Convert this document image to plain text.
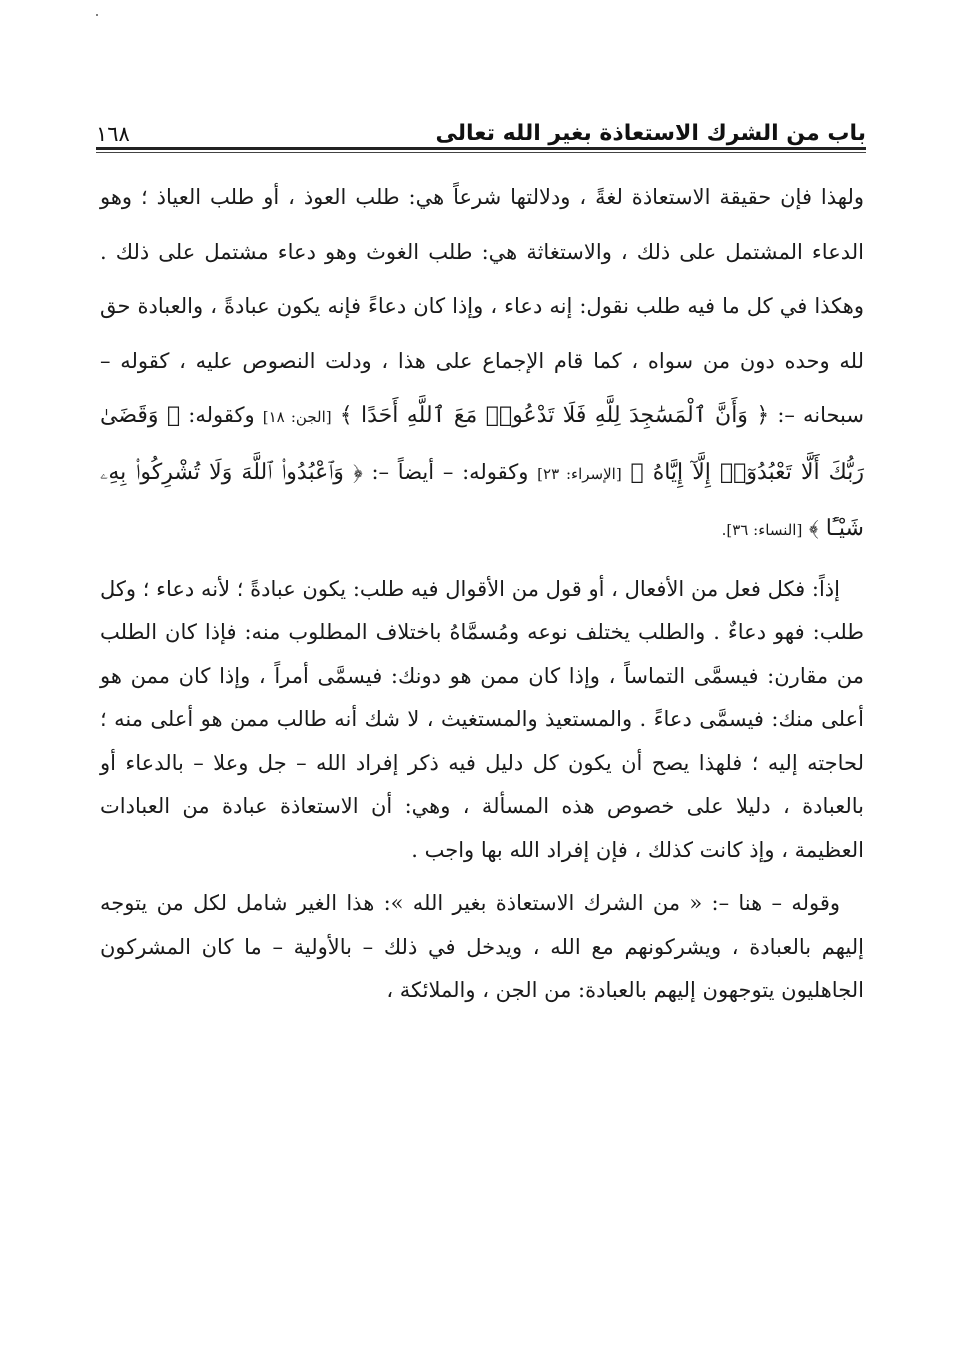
باب من الشرك الاستعاذة بغير الله تعالى
١٦٨

ولهذا فإن حقيقة الاستعاذة لغةً ، ودلالتها شرعاً هي: طلب العوذ ، أو طلب العياذ ؛ وهو الدعاء المشتمل على ذلك ، والاستغاثة هي: طلب الغوث وهو دعاء مشتمل على ذلك . وهكذا في كل ما فيه طلب نقول: إنه دعاء ، وإذا كان دعاءً فإنه يكون عبادةً ، والعبادة حق لله وحده دون من سواه ، كما قام الإجماع على هذا ، ودلت النصوص عليه ، كقوله – سبحانه –: ﴿ وَأَنَّ ٱلْمَسَٰجِدَ لِلَّهِ فَلَا تَدْعُوا۟ مَعَ ٱللَّهِ أَحَدًا ﴾ [الجن: ١٨] وكقوله: ﴿ وَقَضَىٰ رَبُّكَ أَلَّا تَعْبُدُوٓا۟ إِلَّآ إِيَّاهُ ﴾ [الإسراء: ٢٣] وكقوله: – أيضاً –: ﴿ وَٱعْبُدُوا۟ ٱللَّهَ وَلَا تُشْرِكُوا۟ بِهِۦ شَيْـًٔا ﴾ [النساء: ٣٦].

إذاً: فكل فعل من الأفعال ، أو قول من الأقوال فيه طلب: يكون عبادةً ؛ لأنه دعاء ؛ وكل طلب: فهو دعاءٌ . والطلب يختلف نوعه ومُسمَّاهُ باختلاف المطلوب منه: فإذا كان الطلب من مقارن: فيسمَّى التماساً ، وإذا كان ممن هو دونك: فيسمَّى أمراً ، وإذا كان ممن هو أعلى منك: فيسمَّى دعاءً . والمستعيذ والمستغيث ، لا شك أنه طالب ممن هو أعلى منه ؛ لحاجته إليه ؛ فلهذا يصح أن يكون كل دليل فيه ذكر إفراد الله – جل وعلا – بالدعاء أو بالعبادة ، دليلا على خصوص هذه المسألة ، وهي: أن الاستعاذة عبادة من العبادات العظيمة ، وإذ كانت كذلك ، فإن إفراد الله بها واجب .

وقوله – هنا –: « من الشرك الاستعاذة بغير الله »: هذا الغير شامل لكل من يتوجه إليهم بالعبادة ، ويشركونهم مع الله ، ويدخل في ذلك – بالأولية – ما كان المشركون الجاهليون يتوجهون إليهم بالعبادة: من الجن ، والملائكة ،
